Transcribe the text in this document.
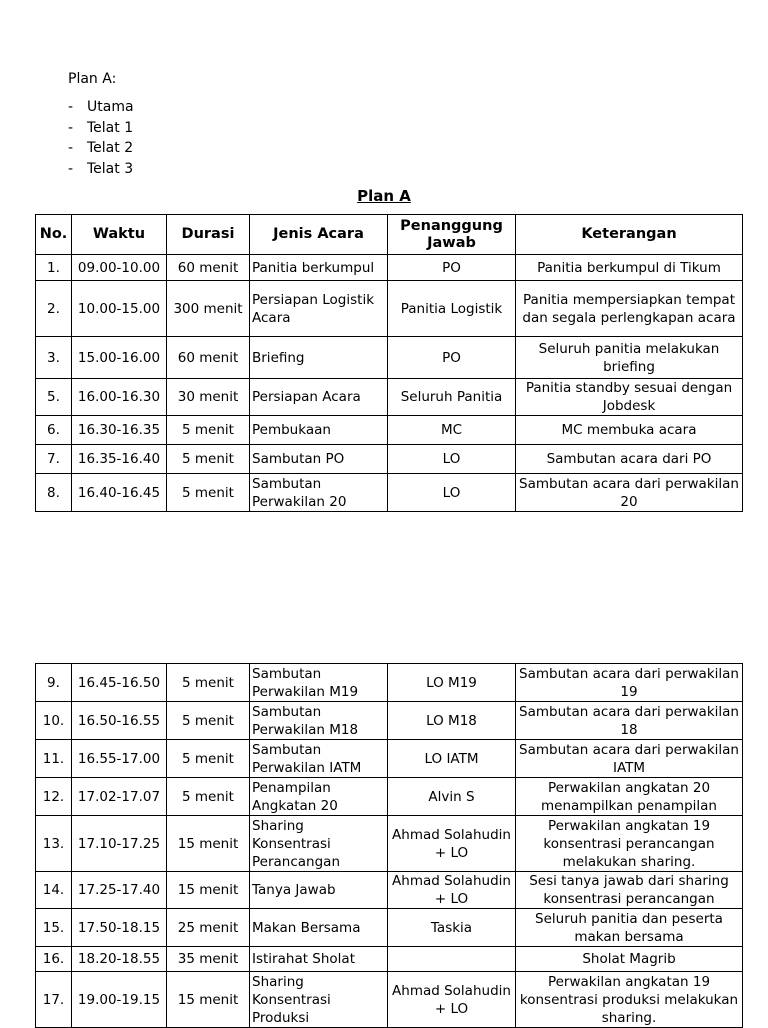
Plan A:
- Utama
- Telat 1
- Telat 2
- Telat 3
Plan A
No.	Waktu	Durasi	Jenis Acara	Penanggung Jawab	Keterangan
1.	09.00-10.00	60 menit	Panitia berkumpul	PO	Panitia berkumpul di Tikum
2.	10.00-15.00	300 menit	Persiapan Logistik Acara	Panitia Logistik	Panitia mempersiapkan tempat dan segala perlengkapan acara
3.	15.00-16.00	60 menit	Briefing	PO	Seluruh panitia melakukan briefing
5.	16.00-16.30	30 menit	Persiapan Acara	Seluruh Panitia	Panitia standby sesuai dengan Jobdesk
6.	16.30-16.35	5 menit	Pembukaan	MC	MC membuka acara
7.	16.35-16.40	5 menit	Sambutan PO	LO	Sambutan acara dari PO
8.	16.40-16.45	5 menit	Sambutan Perwakilan 20	LO	Sambutan acara dari perwakilan 20
9.	16.45-16.50	5 menit	Sambutan Perwakilan M19	LO M19	Sambutan acara dari perwakilan 19
10.	16.50-16.55	5 menit	Sambutan Perwakilan M18	LO M18	Sambutan acara dari perwakilan 18
11.	16.55-17.00	5 menit	Sambutan Perwakilan IATM	LO IATM	Sambutan acara dari perwakilan IATM
12.	17.02-17.07	5 menit	Penampilan Angkatan 20	Alvin S	Perwakilan angkatan 20 menampilkan penampilan
13.	17.10-17.25	15 menit	Sharing Konsentrasi Perancangan	Ahmad Solahudin + LO	Perwakilan angkatan 19 konsentrasi perancangan melakukan sharing.
14.	17.25-17.40	15 menit	Tanya Jawab	Ahmad Solahudin + LO	Sesi tanya jawab dari sharing konsentrasi perancangan
15.	17.50-18.15	25 menit	Makan Bersama	Taskia	Seluruh panitia dan peserta makan bersama
16.	18.20-18.55	35 menit	Istirahat Sholat		Sholat Magrib
17.	19.00-19.15	15 menit	Sharing Konsentrasi Produksi	Ahmad Solahudin + LO	Perwakilan angkatan 19 konsentrasi produksi melakukan sharing.
